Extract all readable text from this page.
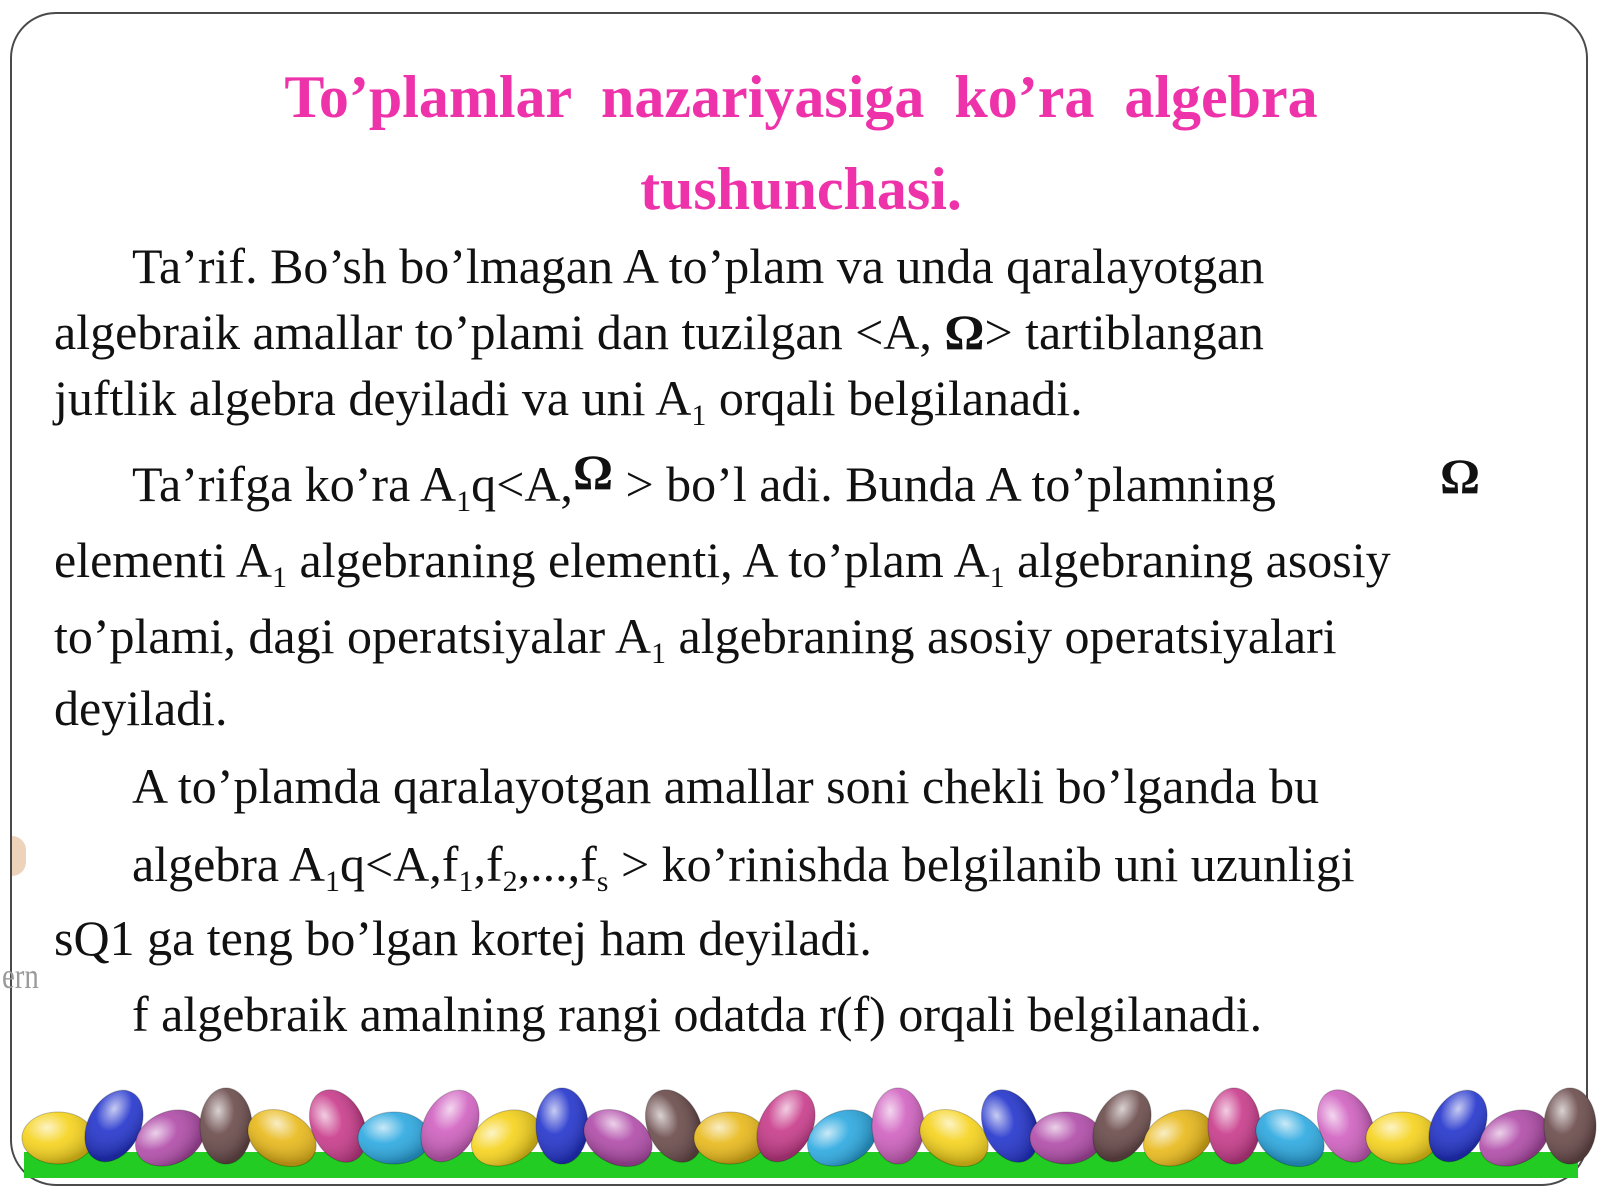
To’plamlar  nazariyasiga  ko’ra  algebra
tushunchasi.

Ta’rif. Bo’sh bo’lmagan A to’plam va unda qaralayotgan

algebraik amallar to’plami dan tuzilgan <A, Ω> tartiblangan

juftlik algebra deyiladi va uni $A_1$ orqali belgilanadi.

Ta’rifga ko’ra $A_1q<A,\Omega$ > bo’l adi. Bunda A to’plamning	Ω

elementi $A_1$ algebraning elementi, A to’plam $A_1$ algebraning asosiy

to’plami, dagi operatsiyalar $A_1$ algebraning asosiy operatsiyalari

deyiladi.

A to’plamda qaralayotgan amallar soni chekli bo’lganda bu

algebra $A_1q<A,f_1,f_2,...,f_s$ > ko’rinishda belgilanib uni uzunligi

sQ1 ga teng bo’lgan kortej ham deyiladi.

f algebraik amalning rangi odatda r(f) orqali belgilanadi.

ern
